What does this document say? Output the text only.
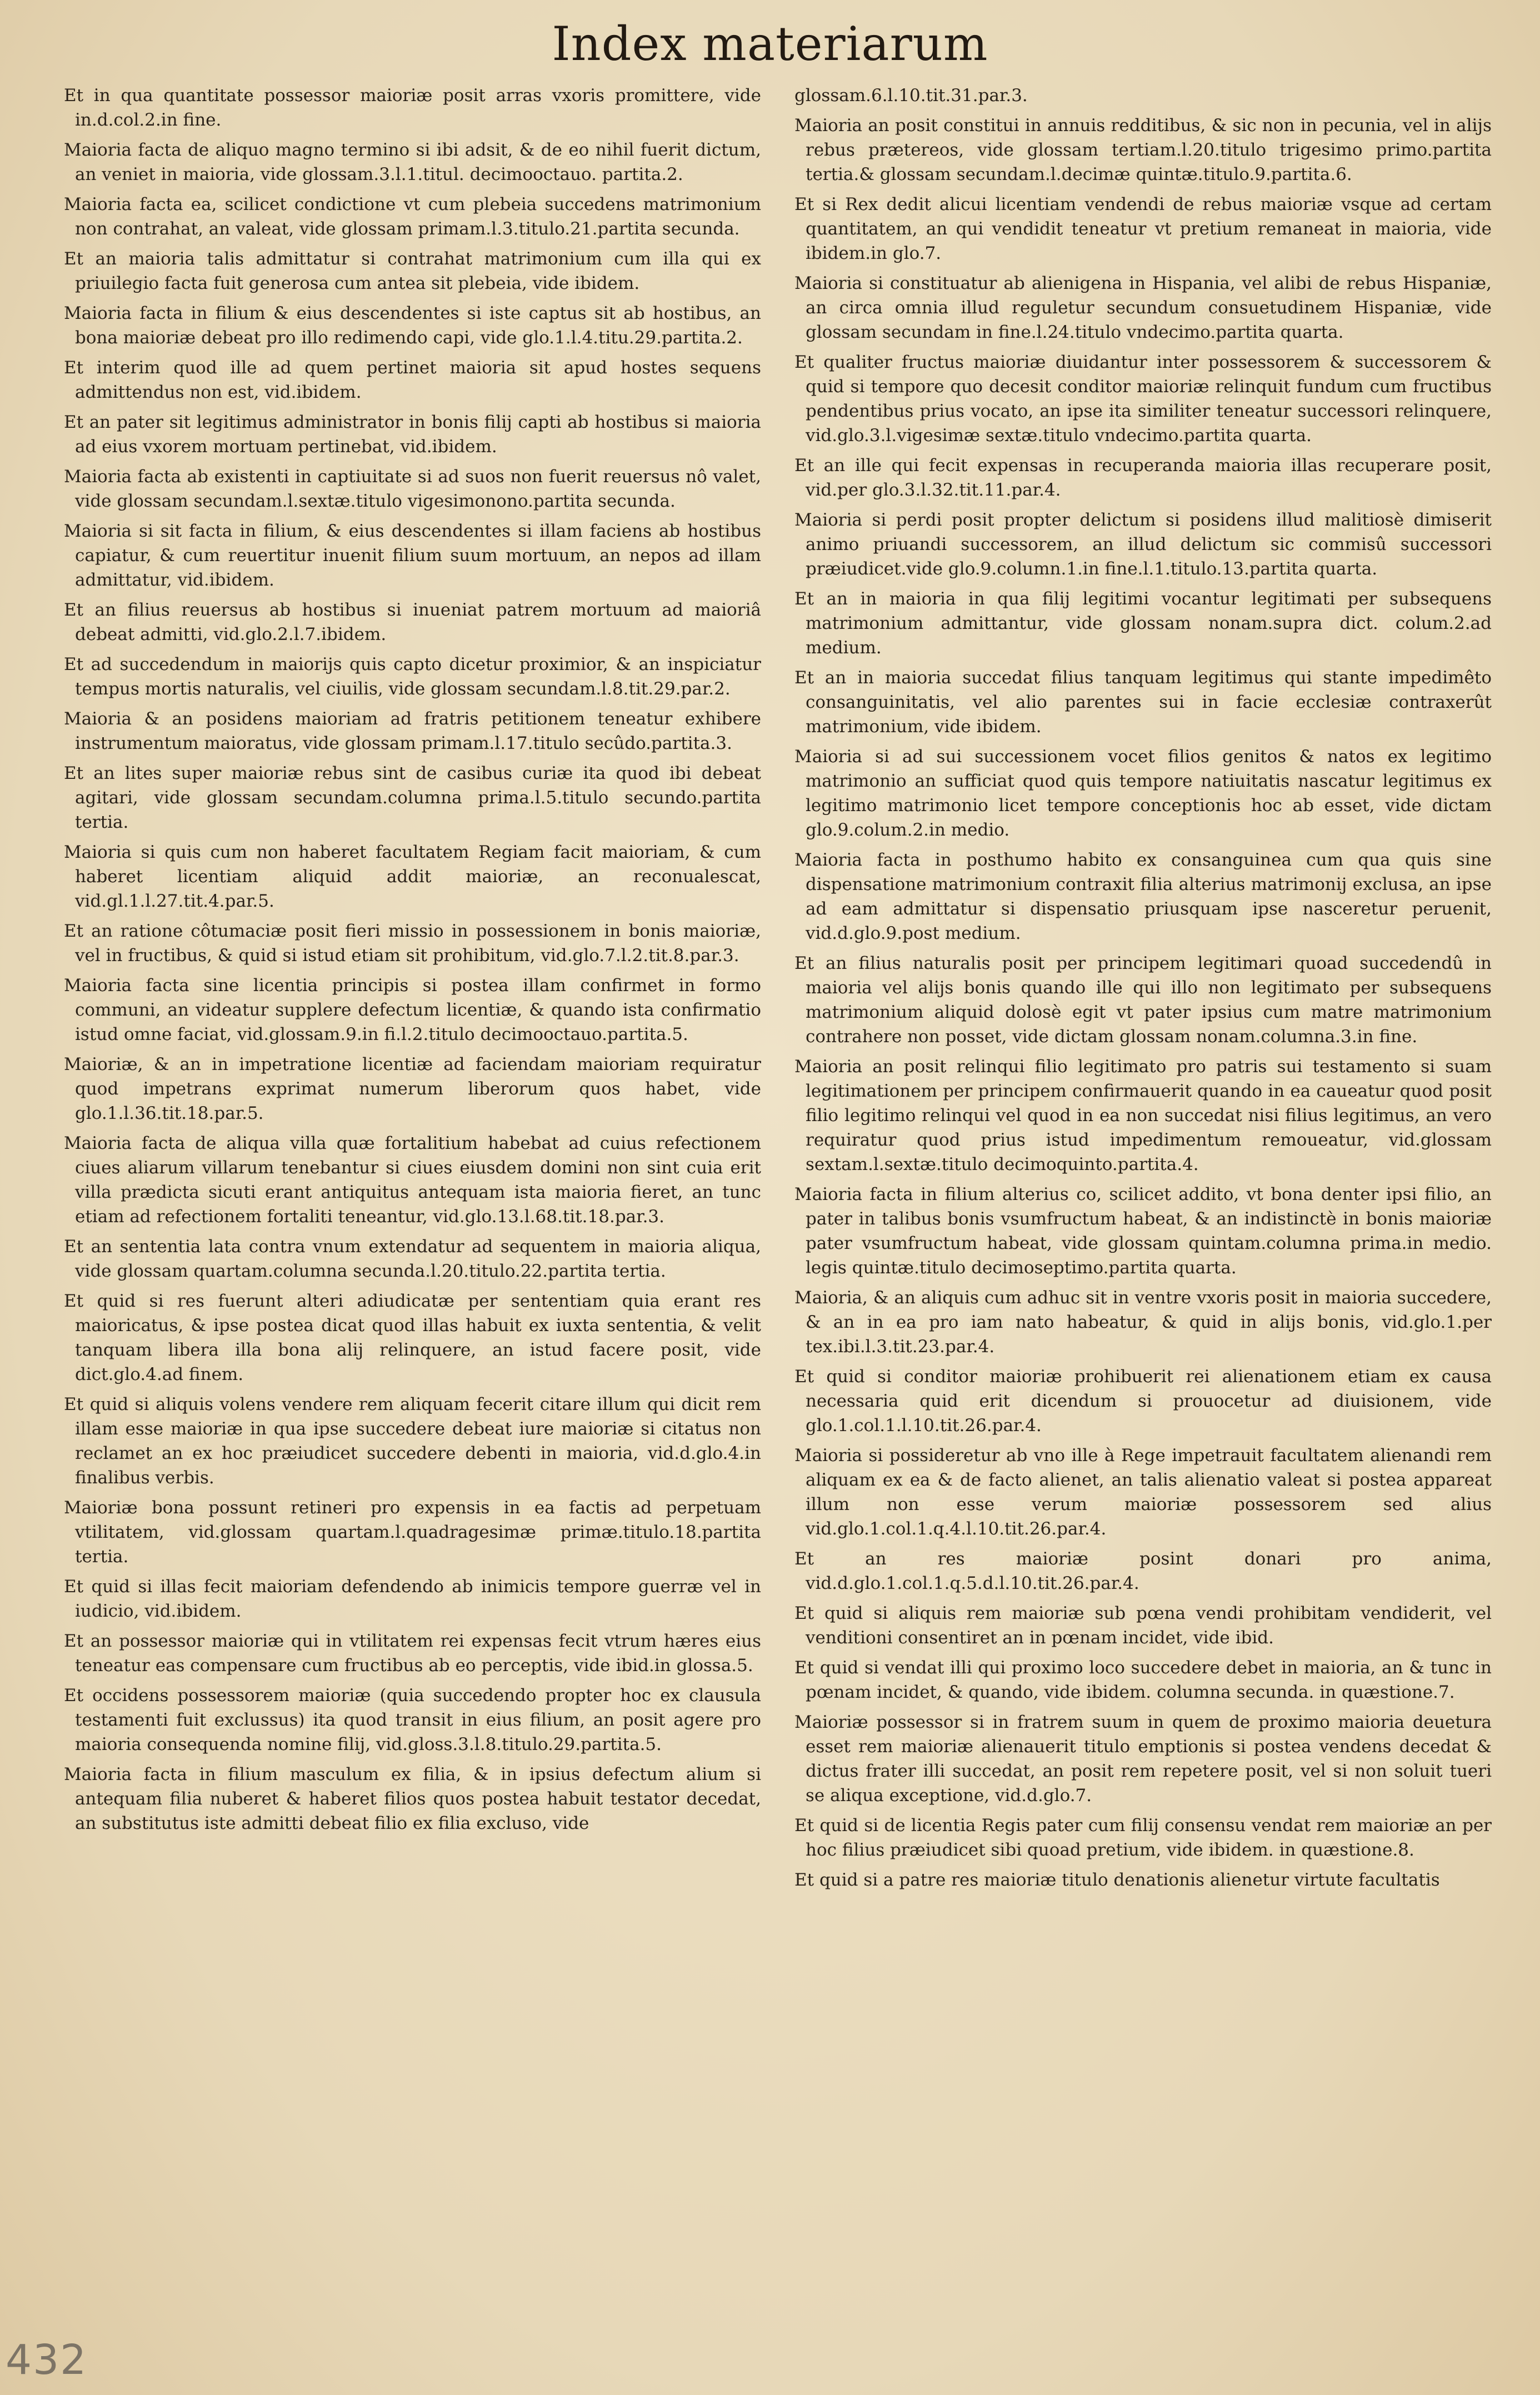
Index materiarum

Et in qua quantitate possessor maioriæ posit arras vxoris promittere, vide in.d.col.2.in fine.

Maioria facta de aliquo magno termino si ibi adsit, & de eo nihil fuerit dictum, an veniet in maioria, vide glossam.3.l.1.titul. decimooctauo. partita.2.

Maioria facta ea, scilicet condictione vt cum plebeia succedens matrimonium non contrahat, an valeat, vide glossam primam.l.3.titulo.21.partita secunda.

Et an maioria talis admittatur si contrahat matrimonium cum illa qui ex priuilegio facta fuit generosa cum antea sit plebeia, vide ibidem.

Maioria facta in filium & eius descendentes si iste captus sit ab hostibus, an bona maioriæ debeat pro illo redimendo capi, vide glo.1.l.4.titu.29.partita.2.

Et interim quod ille ad quem pertinet maioria sit apud hostes sequens admittendus non est, vid.ibidem.

Et an pater sit legitimus administrator in bonis filij capti ab hostibus si maioria ad eius vxorem mortuam pertinebat, vid.ibidem.

Maioria facta ab existenti in captiuitate si ad suos non fuerit reuersus nô valet, vide glossam secundam.l.sextæ.titulo vigesimonono.partita secunda.

Maioria si sit facta in filium, & eius descendentes si illam faciens ab hostibus capiatur, & cum reuertitur inuenit filium suum mortuum, an nepos ad illam admittatur, vid.ibidem.

Et an filius reuersus ab hostibus si inueniat patrem mortuum ad maioriâ debeat admitti, vid.glo.2.l.7.ibidem.

Et ad succedendum in maiorijs quis capto dicetur proximior, & an inspiciatur tempus mortis naturalis, vel ciuilis, vide glossam secundam.l.8.tit.29.par.2.

Maioria & an posidens maioriam ad fratris petitionem teneatur exhibere instrumentum maioratus, vide glossam primam.l.17.titulo secûdo.partita.3.

Et an lites super maioriæ rebus sint de casibus curiæ ita quod ibi debeat agitari, vide glossam secundam.columna prima.l.5.titulo secundo.partita tertia.

Maioria si quis cum non haberet facultatem Regiam facit maioriam, & cum haberet licentiam aliquid addit maioriæ, an reconualescat, vid.gl.1.l.27.tit.4.par.5.

Et an ratione côtumaciæ posit fieri missio in possessionem in bonis maioriæ, vel in fructibus, & quid si istud etiam sit prohibitum, vid.glo.7.l.2.tit.8.par.3.

Maioria facta sine licentia principis si postea illam confirmet in formo communi, an videatur supplere defectum licentiæ, & quando ista confirmatio istud omne faciat, vid.glossam.9.in fi.l.2.titulo decimooctauo.partita.5.

Maioriæ, & an in impetratione licentiæ ad faciendam maioriam requiratur quod impetrans exprimat numerum liberorum quos habet, vide glo.1.l.36.tit.18.par.5.

Maioria facta de aliqua villa quæ fortalitium habebat ad cuius refectionem ciues aliarum villarum tenebantur si ciues eiusdem domini non sint cuia erit villa prædicta sicuti erant antiquitus antequam ista maioria fieret, an tunc etiam ad refectionem fortaliti teneantur, vid.glo.13.l.68.tit.18.par.3.

Et an sententia lata contra vnum extendatur ad sequentem in maioria aliqua, vide glossam quartam.columna secunda.l.20.titulo.22.partita tertia.

Et quid si res fuerunt alteri adiudicatæ per sententiam quia erant res maioricatus, & ipse postea dicat quod illas habuit ex iuxta sententia, & velit tanquam libera illa bona alij relinquere, an istud facere posit, vide dict.glo.4.ad finem.

Et quid si aliquis volens vendere rem aliquam fecerit citare illum qui dicit rem illam esse maioriæ in qua ipse succedere debeat iure maioriæ si citatus non reclamet an ex hoc præiudicet succedere debenti in maioria, vid.d.glo.4.in finalibus verbis.

Maioriæ bona possunt retineri pro expensis in ea factis ad perpetuam vtilitatem, vid.glossam quartam.l.quadragesimæ primæ.titulo.18.partita tertia.

Et quid si illas fecit maioriam defendendo ab inimicis tempore guerræ vel in iudicio, vid.ibidem.

Et an possessor maioriæ qui in vtilitatem rei expensas fecit vtrum hæres eius teneatur eas compensare cum fructibus ab eo perceptis, vide ibid.in glossa.5.

Et occidens possessorem maioriæ (quia succedendo propter hoc ex clausula testamenti fuit exclussus) ita quod transit in eius filium, an posit agere pro maioria consequenda nomine filij, vid.gloss.3.l.8.titulo.29.partita.5.

Maioria facta in filium masculum ex filia, & in ipsius defectum alium si antequam filia nuberet & haberet filios quos postea habuit testator decedat, an substitutus iste admitti debeat filio ex filia excluso, vide

glossam.6.l.10.tit.31.par.3.

Maioria an posit constitui in annuis redditibus, & sic non in pecunia, vel in alijs rebus prætereos, vide glossam tertiam.l.20.titulo trigesimo primo.partita tertia.& glossam secundam.l.decimæ quintæ.titulo.9.partita.6.

Et si Rex dedit alicui licentiam vendendi de rebus maioriæ vsque ad certam quantitatem, an qui vendidit teneatur vt pretium remaneat in maioria, vide ibidem.in glo.7.

Maioria si constituatur ab alienigena in Hispania, vel alibi de rebus Hispaniæ, an circa omnia illud reguletur secundum consuetudinem Hispaniæ, vide glossam secundam in fine.l.24.titulo vndecimo.partita quarta.

Et qualiter fructus maioriæ diuidantur inter possessorem & successorem & quid si tempore quo decesit conditor maioriæ relinquit fundum cum fructibus pendentibus prius vocato, an ipse ita similiter teneatur successori relinquere, vid.glo.3.l.vigesimæ sextæ.titulo vndecimo.partita quarta.

Et an ille qui fecit expensas in recuperanda maioria illas recuperare posit, vid.per glo.3.l.32.tit.11.par.4.

Maioria si perdi posit propter delictum si posidens illud malitiosè dimiserit animo priuandi successorem, an illud delictum sic commisû successori præiudicet.vide glo.9.column.1.in fine.l.1.titulo.13.partita quarta.

Et an in maioria in qua filij legitimi vocantur legitimati per subsequens matrimonium admittantur, vide glossam nonam.supra dict. colum.2.ad medium.

Et an in maioria succedat filius tanquam legitimus qui stante impedimêto consanguinitatis, vel alio parentes sui in facie ecclesiæ contraxerût matrimonium, vide ibidem.

Maioria si ad sui successionem vocet filios genitos & natos ex legitimo matrimonio an sufficiat quod quis tempore natiuitatis nascatur legitimus ex legitimo matrimonio licet tempore conceptionis hoc ab esset, vide dictam glo.9.colum.2.in medio.

Maioria facta in posthumo habito ex consanguinea cum qua quis sine dispensatione matrimonium contraxit filia alterius matrimonij exclusa, an ipse ad eam admittatur si dispensatio priusquam ipse nasceretur peruenit, vid.d.glo.9.post medium.

Et an filius naturalis posit per principem legitimari quoad succedendû in maioria vel alijs bonis quando ille qui illo non legitimato per subsequens matrimonium aliquid dolosè egit vt pater ipsius cum matre matrimonium contrahere non posset, vide dictam glossam nonam.columna.3.in fine.

Maioria an posit relinqui filio legitimato pro patris sui testamento si suam legitimationem per principem confirmauerit quando in ea caueatur quod posit filio legitimo relinqui vel quod in ea non succedat nisi filius legitimus, an vero requiratur quod prius istud impedimentum remoueatur, vid.glossam sextam.l.sextæ.titulo decimoquinto.partita.4.

Maioria facta in filium alterius co, scilicet addito, vt bona denter ipsi filio, an pater in talibus bonis vsumfructum habeat, & an indistinctè in bonis maioriæ pater vsumfructum habeat, vide glossam quintam.columna prima.in medio. legis quintæ.titulo decimoseptimo.partita quarta.

Maioria, & an aliquis cum adhuc sit in ventre vxoris posit in maioria succedere, & an in ea pro iam nato habeatur, & quid in alijs bonis, vid.glo.1.per tex.ibi.l.3.tit.23.par.4.

Et quid si conditor maioriæ prohibuerit rei alienationem etiam ex causa necessaria quid erit dicendum si prouocetur ad diuisionem, vide glo.1.col.1.l.10.tit.26.par.4.

Maioria si possideretur ab vno ille à Rege impetrauit facultatem alienandi rem aliquam ex ea & de facto alienet, an talis alienatio valeat si postea appareat illum non esse verum maioriæ possessorem sed alius vid.glo.1.col.1.q.4.l.10.tit.26.par.4.

Et an res maioriæ posint donari pro anima, vid.d.glo.1.col.1.q.5.d.l.10.tit.26.par.4.

Et quid si aliquis rem maioriæ sub pœna vendi prohibitam vendiderit, vel venditioni consentiret an in pœnam incidet, vide ibid.

Et quid si vendat illi qui proximo loco succedere debet in maioria, an & tunc in pœnam incidet, & quando, vide ibidem. columna secunda. in quæstione.7.

Maioriæ possessor si in fratrem suum in quem de proximo maioria deuetura esset rem maioriæ alienauerit titulo emptionis si postea vendens decedat & dictus frater illi succedat, an posit rem repetere posit, vel si non soluit tueri se aliqua exceptione, vid.d.glo.7.

Et quid si de licentia Regis pater cum filij consensu vendat rem maioriæ an per hoc filius præiudicet sibi quoad pretium, vide ibidem. in quæstione.8.

Et quid si a patre res maioriæ titulo denationis alienetur virtute facultatis

432
